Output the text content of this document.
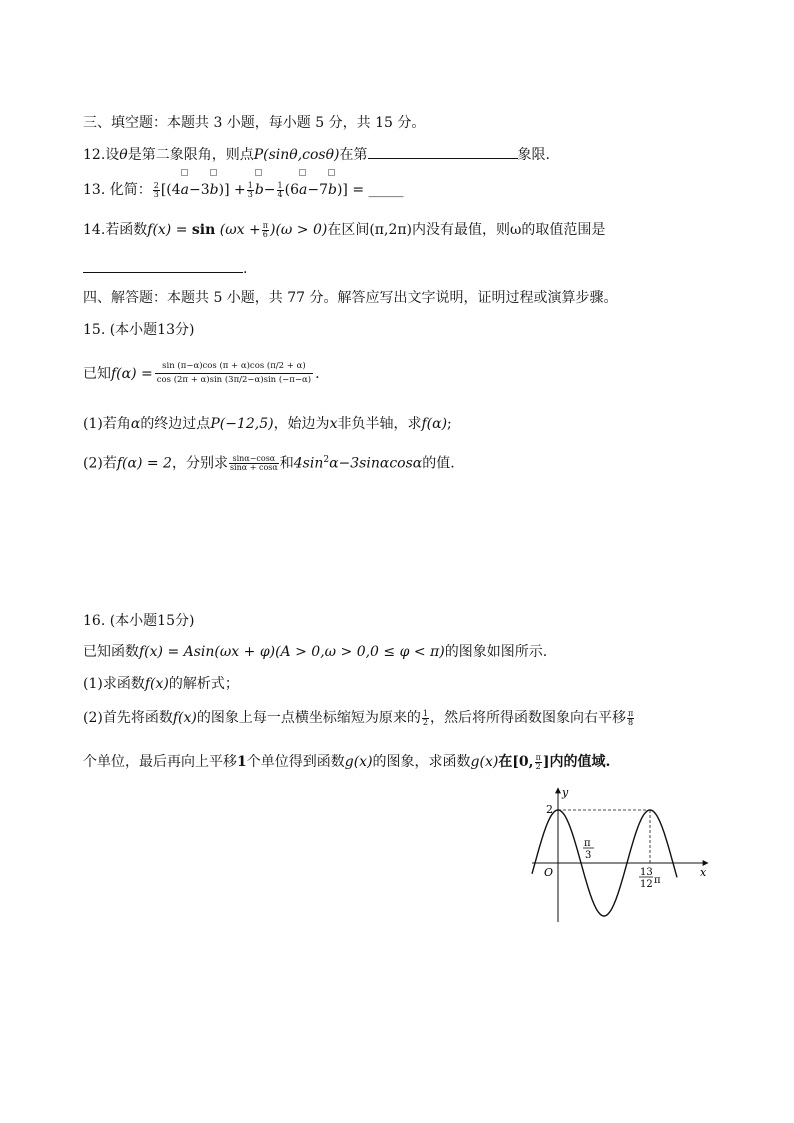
三、填空题：本题共 3 小题，每小题 5 分，共 15 分。
12.设θ是第二象限角，则点P(sinθ,cosθ)在第	象限.
13. 化简： $\frac{2}{3} [(4$
a−3
$b)] + \frac{1}{3} b- \frac{1}{4} (6$
a−7
b)] = _____
14.若函数$f(x) = \sin (\omega x + \frac{\pi}{6} )(\omega > 0)$在区间(π,2π)内没有最值，则ω的取值范围是
.
四、解答题：本题共 5 小题，共 77 分。解答应写出文字说明，证明过程或演算步骤。
15. (本小题13分)
已知$f(\alpha) = \frac{\sin (\pi-\alpha)\cos (\pi + \alpha)\cos (\pi/2 + \alpha)}{\cos (2\pi + \alpha)\sin (3\pi/2-\alpha)\sin (-\pi-\alpha)}$ .
(1)若角α的终边过点P(−12,5)，始边为x非负半轴，求f(α);
(2)若f(α) = 2，分别求 $\frac{\sin\alpha-\cos\alpha}{\sin\alpha + \cos\alpha}$ 和$4\sin^2\alpha-3\sin\alpha\cos\alpha$的值.
16. (本小题15分)
已知函数f(x) = Asin(ωx + φ)(A > 0,ω > 0,0 ≤ φ < π)的图象如图所示.
(1)求函数f(x)的解析式；
(2)首先将函数f(x)的图象上每一点横坐标缩短为原来的 $\frac{1}{2}$ ，然后将所得函数图象向右平移 $\frac{\pi}{8}$
个单位，最后再向上平移1个单位得到函数g(x)的图象，求函数g(x)在[0, $\frac{\pi}{2}$ ]内的值域.
y
x
O
2
π
3
13
12 π
